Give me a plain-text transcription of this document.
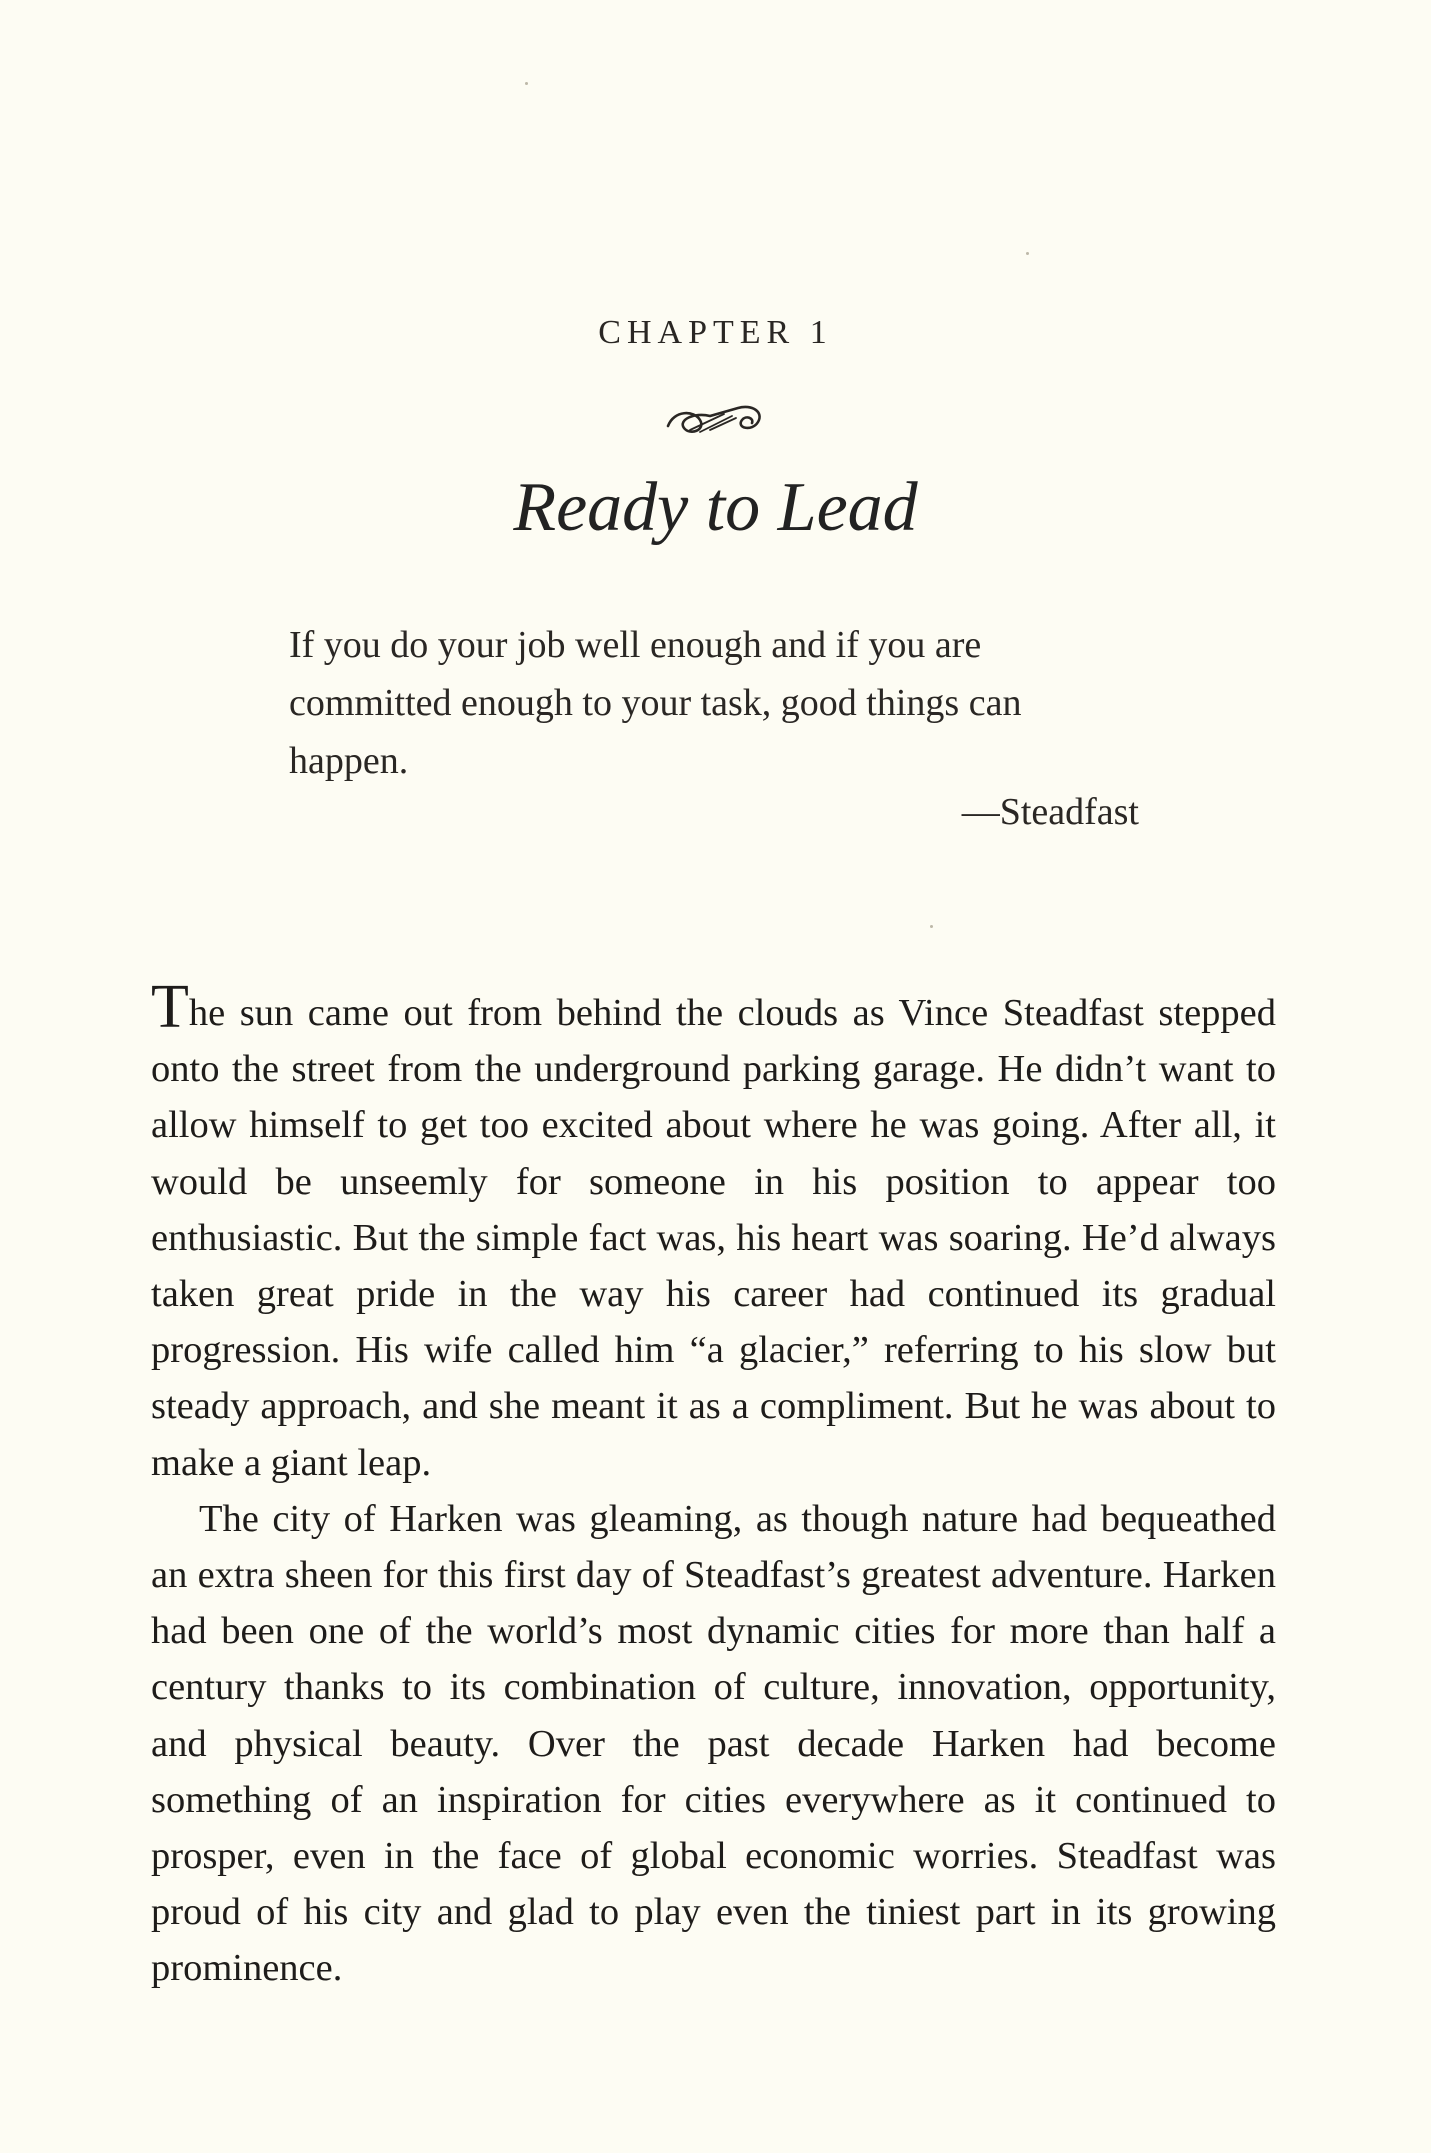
CHAPTER 1
Ready to Lead
If you do your job well enough and if you are committed enough to your task, good things can happen.
—Steadfast

The sun came out from behind the clouds as Vince Steadfast stepped onto the street from the underground parking garage. He didn’t want to allow himself to get too excited about where he was going. After all, it would be unseemly for someone in his position to appear too enthusiastic. But the simple fact was, his heart was soaring. He’d always taken great pride in the way his career had continued its gradual progression. His wife called him “a glacier,” referring to his slow but steady approach, and she meant it as a compliment. But he was about to make a giant leap.

The city of Harken was gleaming, as though nature had bequeathed an extra sheen for this first day of Steadfast’s greatest adventure. Harken had been one of the world’s most dynamic cities for more than half a century thanks to its combination of culture, innovation, opportunity, and physical beauty. Over the past decade Harken had become something of an inspiration for cities everywhere as it continued to prosper, even in the face of global economic worries. Steadfast was proud of his city and glad to play even the tiniest part in its growing prominence.
